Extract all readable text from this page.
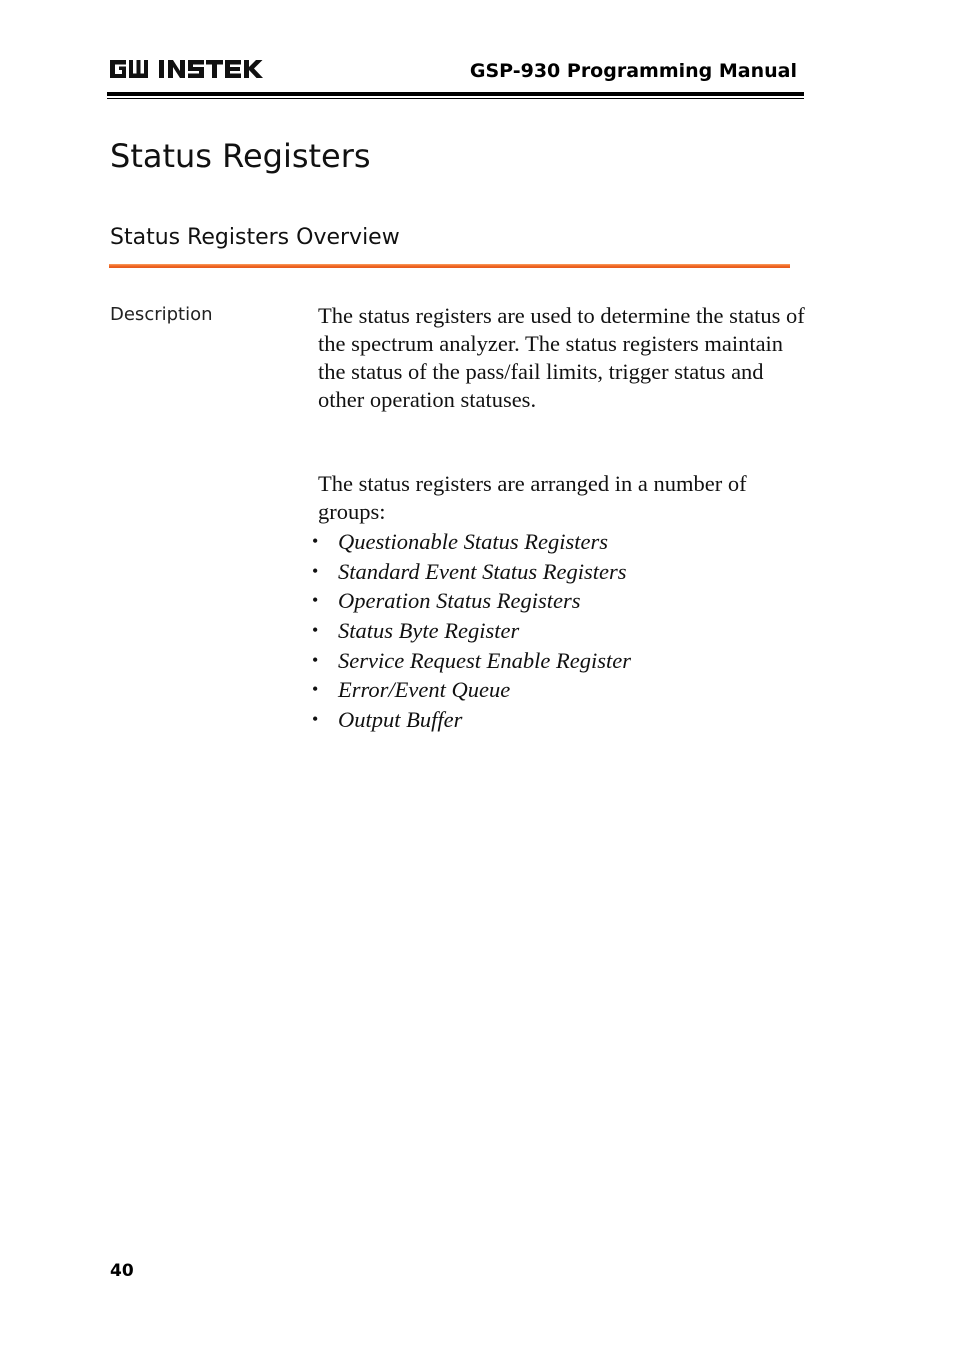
GSP-930 Programming Manual
Status Registers
Status Registers Overview
Description	The status registers are used to determine the status of the spectrum analyzer. The status registers maintain the status of the pass/fail limits, trigger status and other operation statuses.

The status registers are arranged in a number of groups:

• Questionable Status Registers
• Standard Event Status Registers
• Operation Status Registers
• Status Byte Register
• Service Request Enable Register
• Error/Event Queue
• Output Buffer
40
